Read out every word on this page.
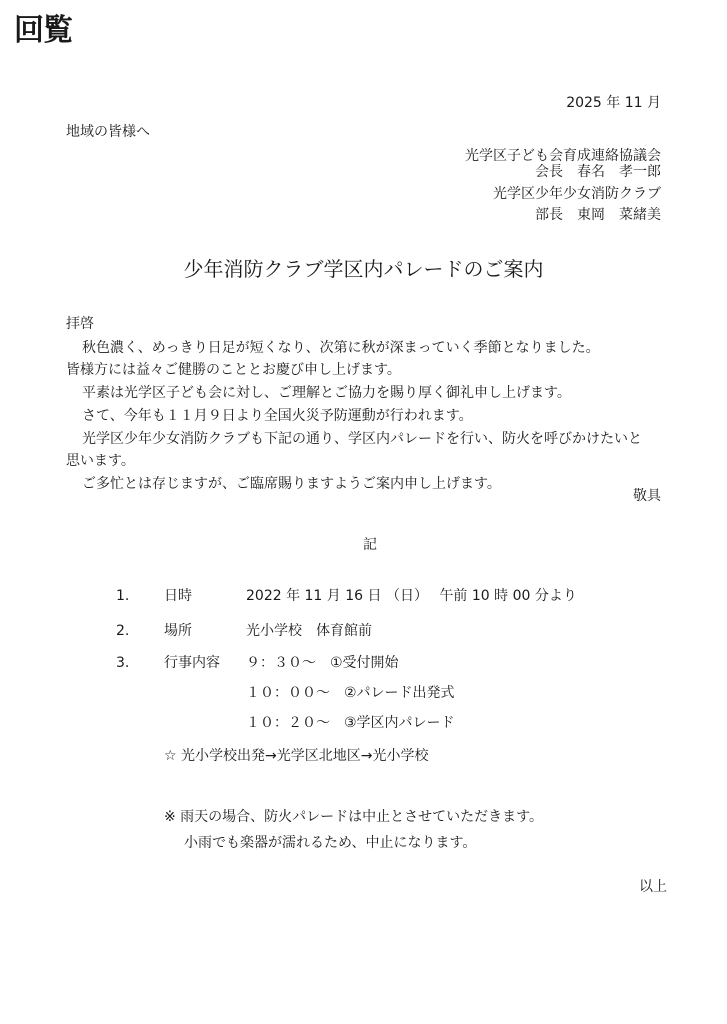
回覧
2025 年 11 月
地域の皆様へ
光学区子ども会育成連絡協議会
会長　春名　孝一郎
光学区少年少女消防クラブ
部長　東岡　菜緒美
少年消防クラブ学区内パレードのご案内
拝啓
秋色濃く、めっきり日足が短くなり、次第に秋が深まっていく季節となりました。
皆様方には益々ご健勝のこととお慶び申し上げます。
平素は光学区子ども会に対し、ご理解とご協力を賜り厚く御礼申し上げます。
さて、今年も１１月９日より全国火災予防運動が行われます。
光学区少年少女消防クラブも下記の通り、学区内パレードを行い、防火を呼びかけたいと
思います。
ご多忙とは存じますが、ご臨席賜りますようご案内申し上げます。
敬具
記
1. 日時	2022 年 11 月 16 日 （日）　 午前 10 時 00 分より
2. 場所	光小学校　体育館前
3. 行事内容 ９：３０～　①受付開始
１０：００～　②パレード出発式
１０：２０～　③学区内パレード
☆ 光小学校出発→光学区北地区→光小学校
※ 雨天の場合、防火パレードは中止とさせていただきます。
小雨でも楽器が濡れるため、中止になります。
以上
